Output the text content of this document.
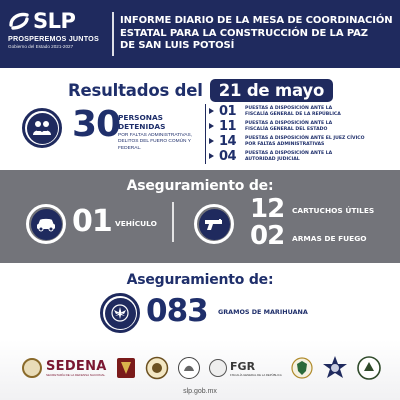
SLP
PROSPEREMOS JUNTOS
Gobierno del Estado 2021-2027
INFORME DIARIO DE LA MESA DE COORDINACIÓN
ESTATAL PARA LA CONSTRUCCIÓN DE LA PAZ
DE SAN LUIS POTOSÍ
Resultados del 21 de mayo
30
PERSONAS
DETENIDAS
POR FALTAS ADMINISTRATIVAS, DELITOS DEL FUERO COMÚN Y FEDERAL.
01	PUESTAS A DISPOSICIÓN ANTE LA
FISCALÍA GENERAL DE LA REPÚBLICA
11	PUESTAS A DISPOSICIÓN ANTE LA
FISCALÍA GENERAL DEL ESTADO
14	PUESTAS A DISPOSICIÓN ANTE EL JUEZ CÍVICO
POR FALTAS ADMINISTRATIVAS
04	PUESTAS A DISPOSICIÓN ANTE LA
AUTORIDAD JUDICIAL
Aseguramiento de:
01 VEHÍCULO	12 CARTUCHOS ÚTILES
02 ARMAS DE FUEGO
Aseguramiento de:
083 GRAMOS DE MARIHUANA
SEDENA
SECRETARÍA DE LA DEFENSA NACIONAL
FGR
FISCALÍA GENERAL DE LA REPÚBLICA
slp.gob.mx
